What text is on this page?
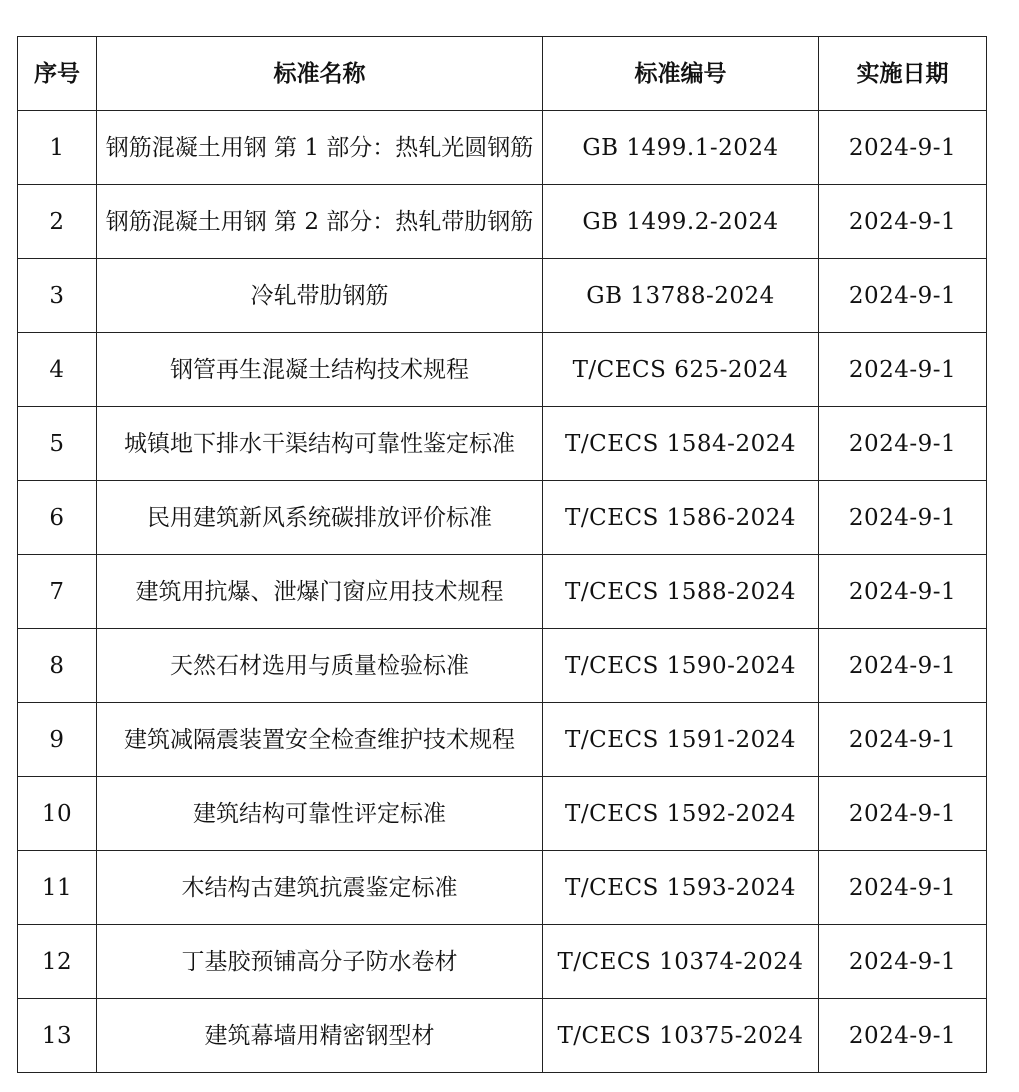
序号	标准名称	标准编号	实施日期
1	钢筋混凝土用钢 第 1 部分：热轧光圆钢筋	GB 1499.1-2024	2024-9-1
2	钢筋混凝土用钢 第 2 部分：热轧带肋钢筋	GB 1499.2-2024	2024-9-1
3	冷轧带肋钢筋	GB 13788-2024	2024-9-1
4	钢管再生混凝土结构技术规程	T/CECS 625-2024	2024-9-1
5	城镇地下排水干渠结构可靠性鉴定标准	T/CECS 1584-2024	2024-9-1
6	民用建筑新风系统碳排放评价标准	T/CECS 1586-2024	2024-9-1
7	建筑用抗爆、泄爆门窗应用技术规程	T/CECS 1588-2024	2024-9-1
8	天然石材选用与质量检验标准	T/CECS 1590-2024	2024-9-1
9	建筑减隔震装置安全检查维护技术规程	T/CECS 1591-2024	2024-9-1
10	建筑结构可靠性评定标准	T/CECS 1592-2024	2024-9-1
11	木结构古建筑抗震鉴定标准	T/CECS 1593-2024	2024-9-1
12	丁基胶预铺高分子防水卷材	T/CECS 10374-2024	2024-9-1
13	建筑幕墙用精密钢型材	T/CECS 10375-2024	2024-9-1
